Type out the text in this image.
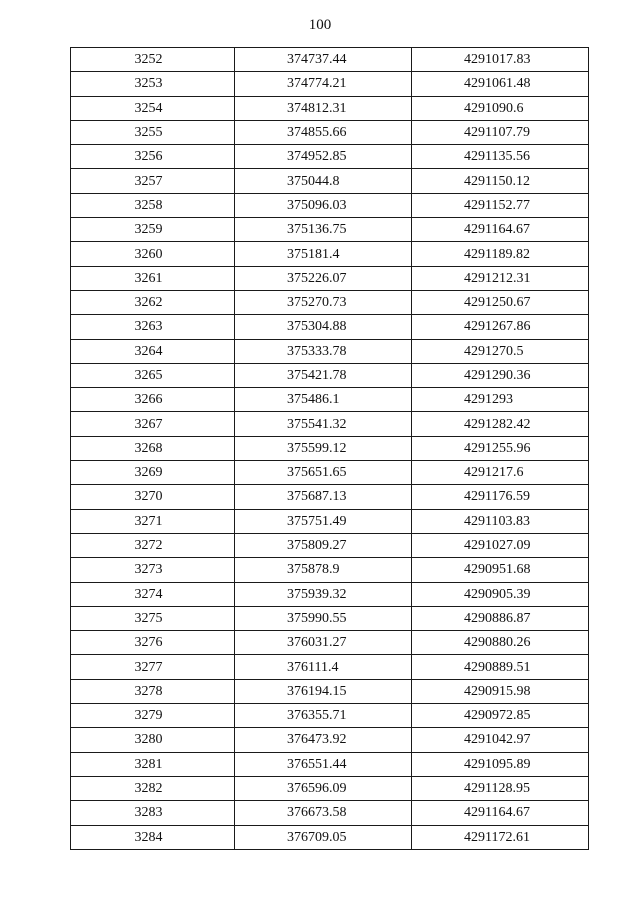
100
3252	374737.44	4291017.83
3253	374774.21	4291061.48
3254	374812.31	4291090.6
3255	374855.66	4291107.79
3256	374952.85	4291135.56
3257	375044.8	4291150.12
3258	375096.03	4291152.77
3259	375136.75	4291164.67
3260	375181.4	4291189.82
3261	375226.07	4291212.31
3262	375270.73	4291250.67
3263	375304.88	4291267.86
3264	375333.78	4291270.5
3265	375421.78	4291290.36
3266	375486.1	4291293
3267	375541.32	4291282.42
3268	375599.12	4291255.96
3269	375651.65	4291217.6
3270	375687.13	4291176.59
3271	375751.49	4291103.83
3272	375809.27	4291027.09
3273	375878.9	4290951.68
3274	375939.32	4290905.39
3275	375990.55	4290886.87
3276	376031.27	4290880.26
3277	376111.4	4290889.51
3278	376194.15	4290915.98
3279	376355.71	4290972.85
3280	376473.92	4291042.97
3281	376551.44	4291095.89
3282	376596.09	4291128.95
3283	376673.58	4291164.67
3284	376709.05	4291172.61
